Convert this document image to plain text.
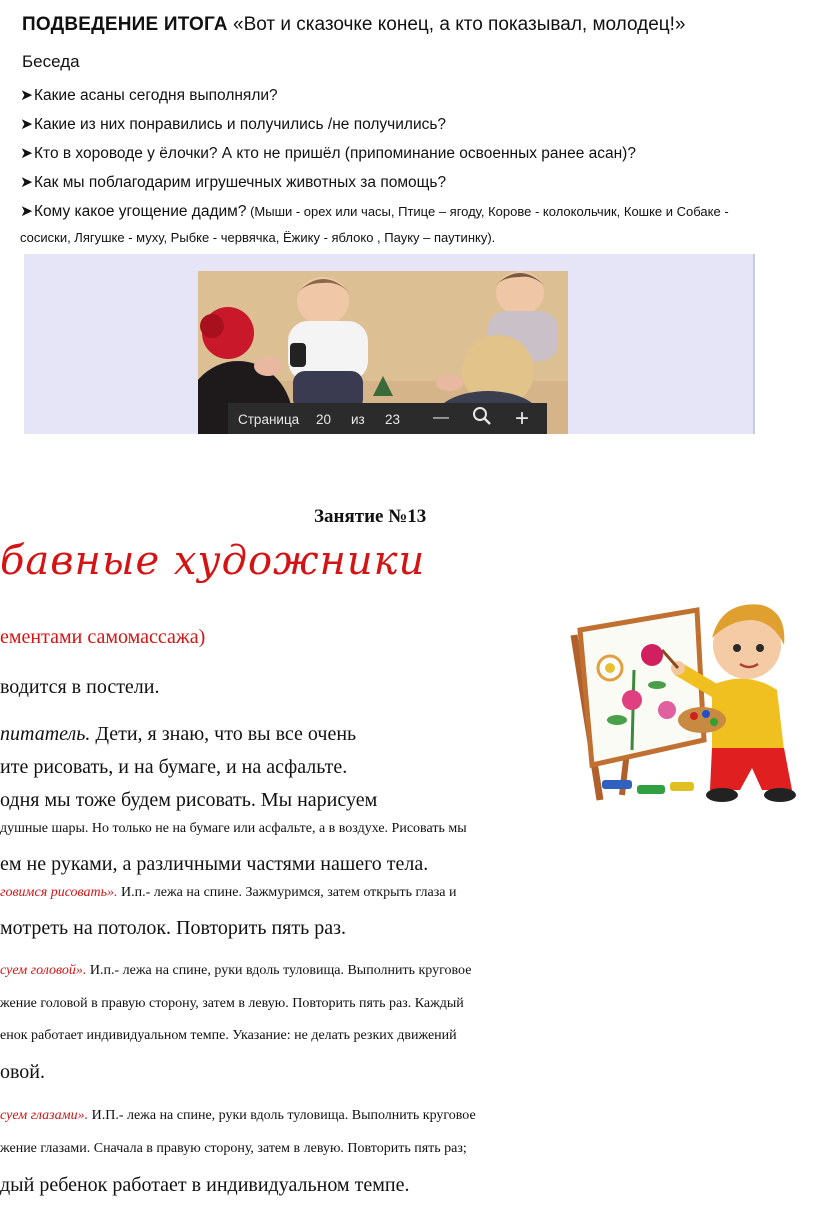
ПОДВЕДЕНИЕ ИТОГА «Вот и сказочке конец, а кто показывал, молодец!»
Беседа
➤Какие асаны сегодня выполняли?
➤Какие из них понравились и получились /не получились?
➤Кто в хороводе у ёлочки? А кто не пришёл (припоминание освоенных ранее асан)?
➤Как мы поблагодарим игрушечных животных за помощь?
➤Кому какое угощение дадим? (Мыши - орех или часы, Птице – ягоду, Корове - колокольчик, Кошке и Собаке -
сосиски, Лягушке - муху, Рыбке - червячка, Ёжику - яблоко , Пауку – паутинку).
Страница 20 из 23 —	+
Занятие №13
бавные художники
ементами самомассажа)
водится в постели.
питатель. Дети, я знаю, что вы все очень
ите рисовать, и на бумаге, и на асфальте.
одня мы тоже будем рисовать. Мы нарисуем
душные шары. Но только не на бумаге или асфальте, а в воздухе. Рисовать мы
ем не руками, а различными частями нашего тела.
говимся рисовать». И.п.- лежа на спине. Зажмуримся, затем открыть глаза и
мотреть на потолок. Повторить пять раз.
суем головой». И.п.- лежа на спине, руки вдоль туловища. Выполнить круговое
жение головой в правую сторону, затем в левую. Повторить пять раз. Каждый
енок работает индивидуальном темпе. Указание: не делать резких движений
овой.
суем глазами». И.П.- лежа на спине, руки вдоль туловища. Выполнить круговое
жение глазами. Сначала в правую сторону, затем в левую. Повторить пять раз;
дый ребенок работает в индивидуальном темпе.
